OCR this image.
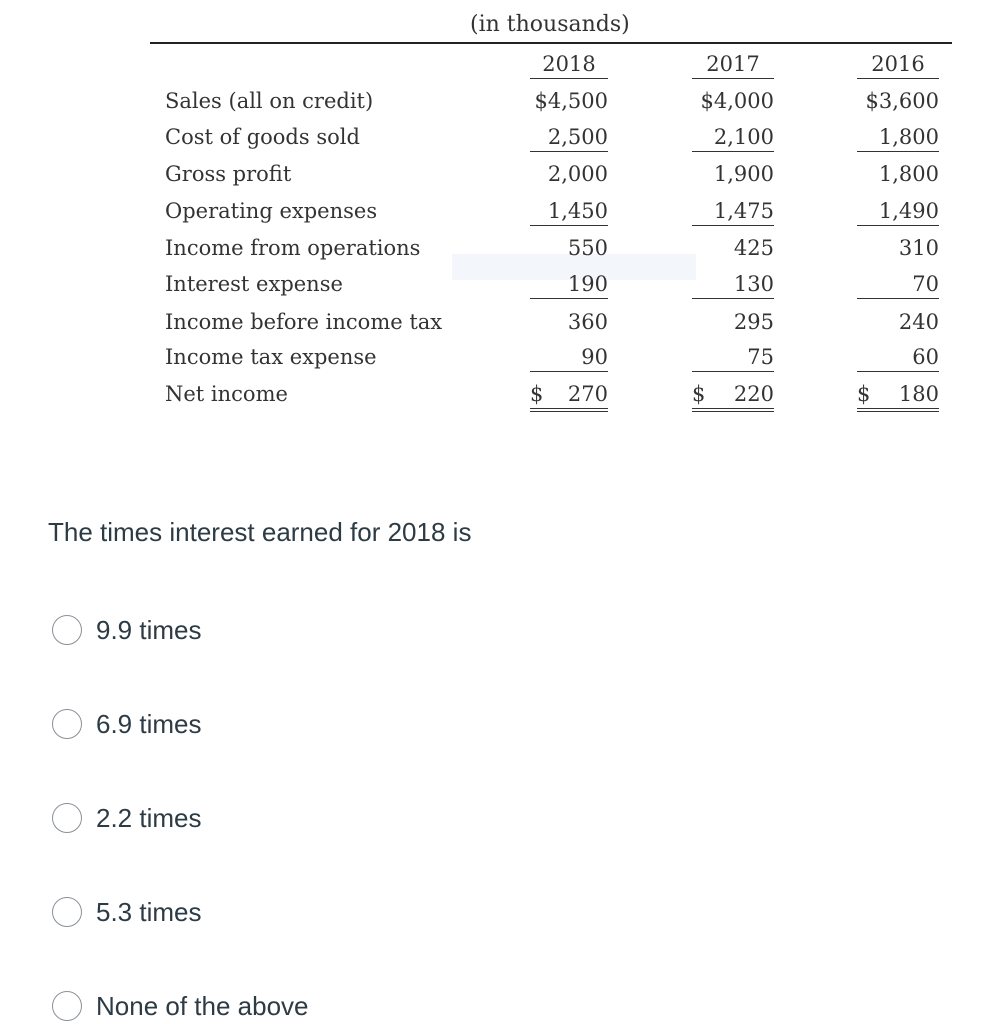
(in thousands)
2018	2017	2016
Sales (all on credit)	$4,500	$4,000	$3,600
Cost of goods sold	2,500	2,100	1,800
Gross profit	2,000	1,900	1,800
Operating expenses	1,450	1,475	1,490
Income from operations	550	425	310
Interest expense	190	130	70
Income before income tax	360	295	240
Income tax expense	90	75	60
Net income	$ 270	$ 220	$ 180
The times interest earned for 2018 is
9.9 times
6.9 times
2.2 times
5.3 times
None of the above
